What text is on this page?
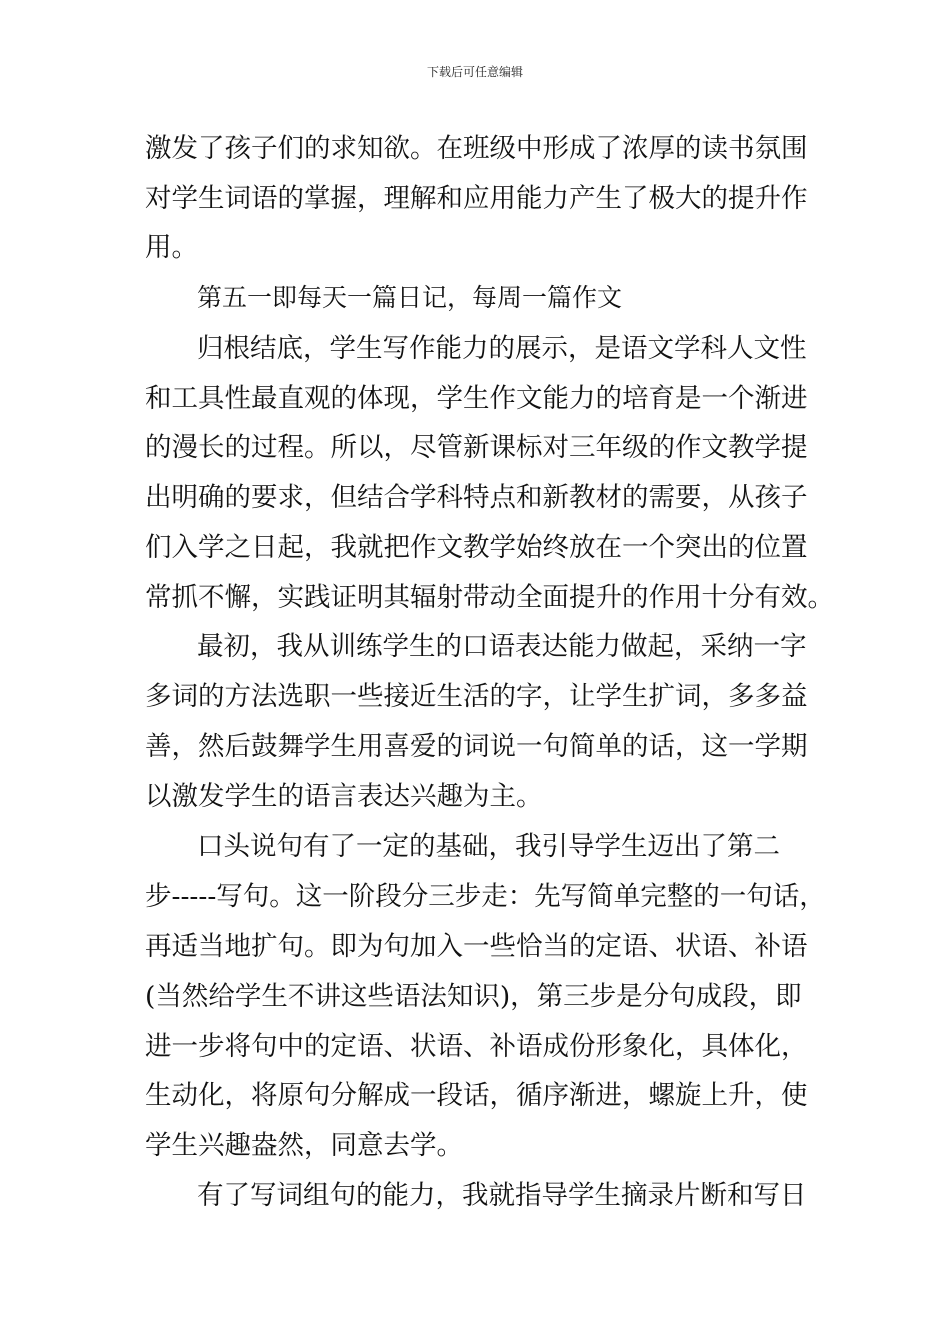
下载后可任意编辑
激发了孩子们的求知欲。在班级中形成了浓厚的读书氛围
对学生词语的掌握，理解和应用能力产生了极大的提升作
用。
第五一即每天一篇日记，每周一篇作文
归根结底，学生写作能力的展示，是语文学科人文性
和工具性最直观的体现，学生作文能力的培育是一个渐进
的漫长的过程。所以，尽管新课标对三年级的作文教学提
出明确的要求，但结合学科特点和新教材的需要，从孩子
们入学之日起，我就把作文教学始终放在一个突出的位置
常抓不懈，实践证明其辐射带动全面提升的作用十分有效。
最初，我从训练学生的口语表达能力做起，采纳一字
多词的方法选职一些接近生活的字，让学生扩词，多多益
善，然后鼓舞学生用喜爱的词说一句简单的话，这一学期
以激发学生的语言表达兴趣为主。
口头说句有了一定的基础，我引导学生迈出了第二
步-----写句。这一阶段分三步走：先写简单完整的一句话，
再适当地扩句。即为句加入一些恰当的定语、状语、补语
(当然给学生不讲这些语法知识)，第三步是分句成段，即
进一步将句中的定语、状语、补语成份形象化，具体化，
生动化，将原句分解成一段话，循序渐进，螺旋上升，使
学生兴趣盎然，同意去学。
有了写词组句的能力，我就指导学生摘录片断和写日
